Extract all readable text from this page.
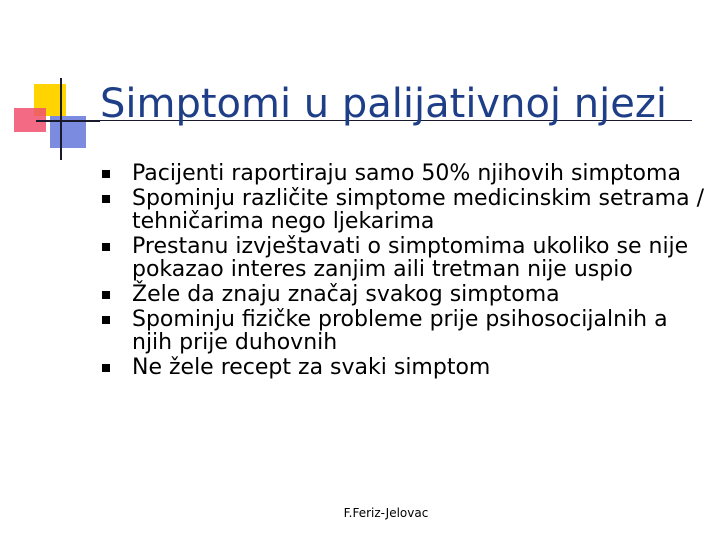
Simptomi u palijativnoj njezi
Pacijenti raportiraju samo 50% njihovih simptoma
Spominju različite simptome medicinskim setrama / tehničarima nego ljekarima
Prestanu izvještavati o simptomima ukoliko se nije pokazao interes zanjim aili tretman nije uspio
Žele da znaju značaj svakog simptoma
Spominju fizičke probleme prije psihosocijalnih a njih prije duhovnih
Ne žele recept za svaki simptom
F.Feriz-Jelovac
